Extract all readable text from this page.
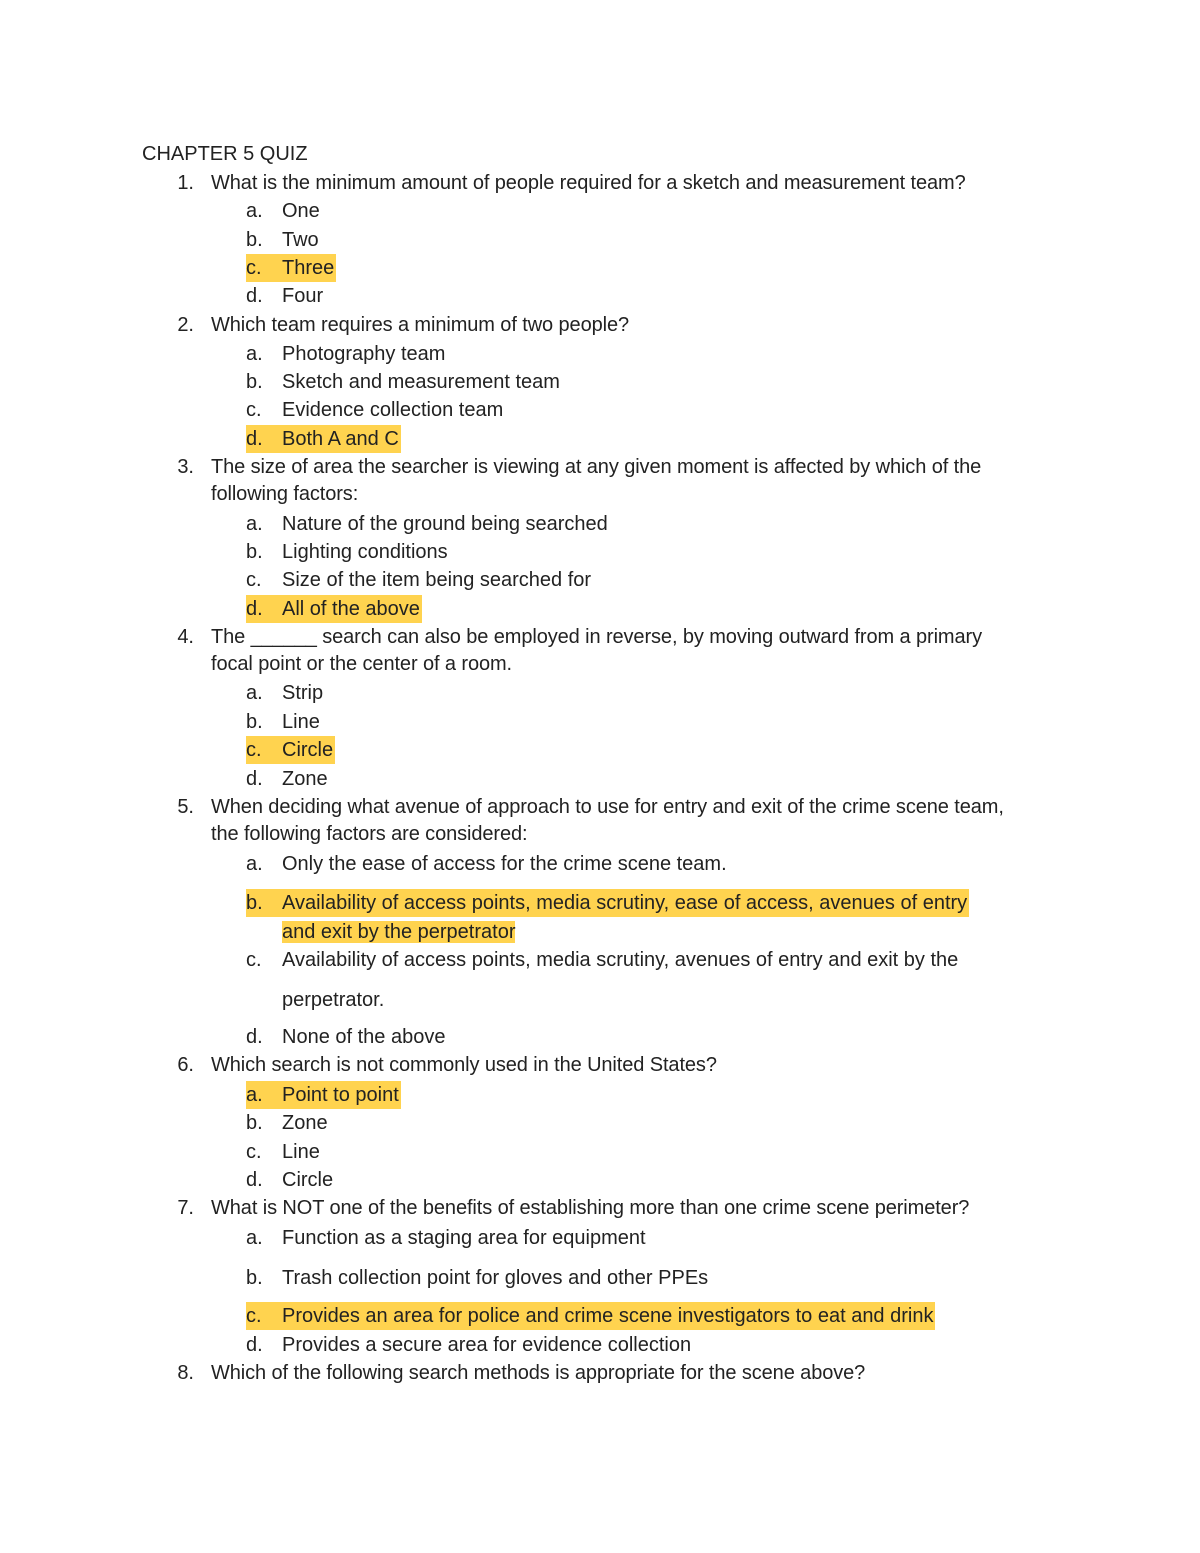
CHAPTER 5 QUIZ
1. What is the minimum amount of people required for a sketch and measurement team?
a. One
b. Two
c. Three
d. Four
2. Which team requires a minimum of two people?
a. Photography team
b. Sketch and measurement team
c. Evidence collection team
d. Both A and C
3. The size of area the searcher is viewing at any given moment is affected by which of the
following factors:
a. Nature of the ground being searched
b. Lighting conditions
c. Size of the item being searched for
d. All of the above
4. The ______ search can also be employed in reverse, by moving outward from a primary
focal point or the center of a room.
a. Strip
b. Line
c. Circle
d. Zone
5. When deciding what avenue of approach to use for entry and exit of the crime scene team,
the following factors are considered:
a. Only the ease of access for the crime scene team.
b. Availability of access points, media scrutiny, ease of access, avenues of entry
and exit by the perpetrator
c. Availability of access points, media scrutiny, avenues of entry and exit by the
perpetrator.
d. None of the above
6. Which search is not commonly used in the United States?
a. Point to point
b. Zone
c. Line
d. Circle
7. What is NOT one of the benefits of establishing more than one crime scene perimeter?
a. Function as a staging area for equipment
b. Trash collection point for gloves and other PPEs
c. Provides an area for police and crime scene investigators to eat and drink
d. Provides a secure area for evidence collection
8. Which of the following search methods is appropriate for the scene above?
